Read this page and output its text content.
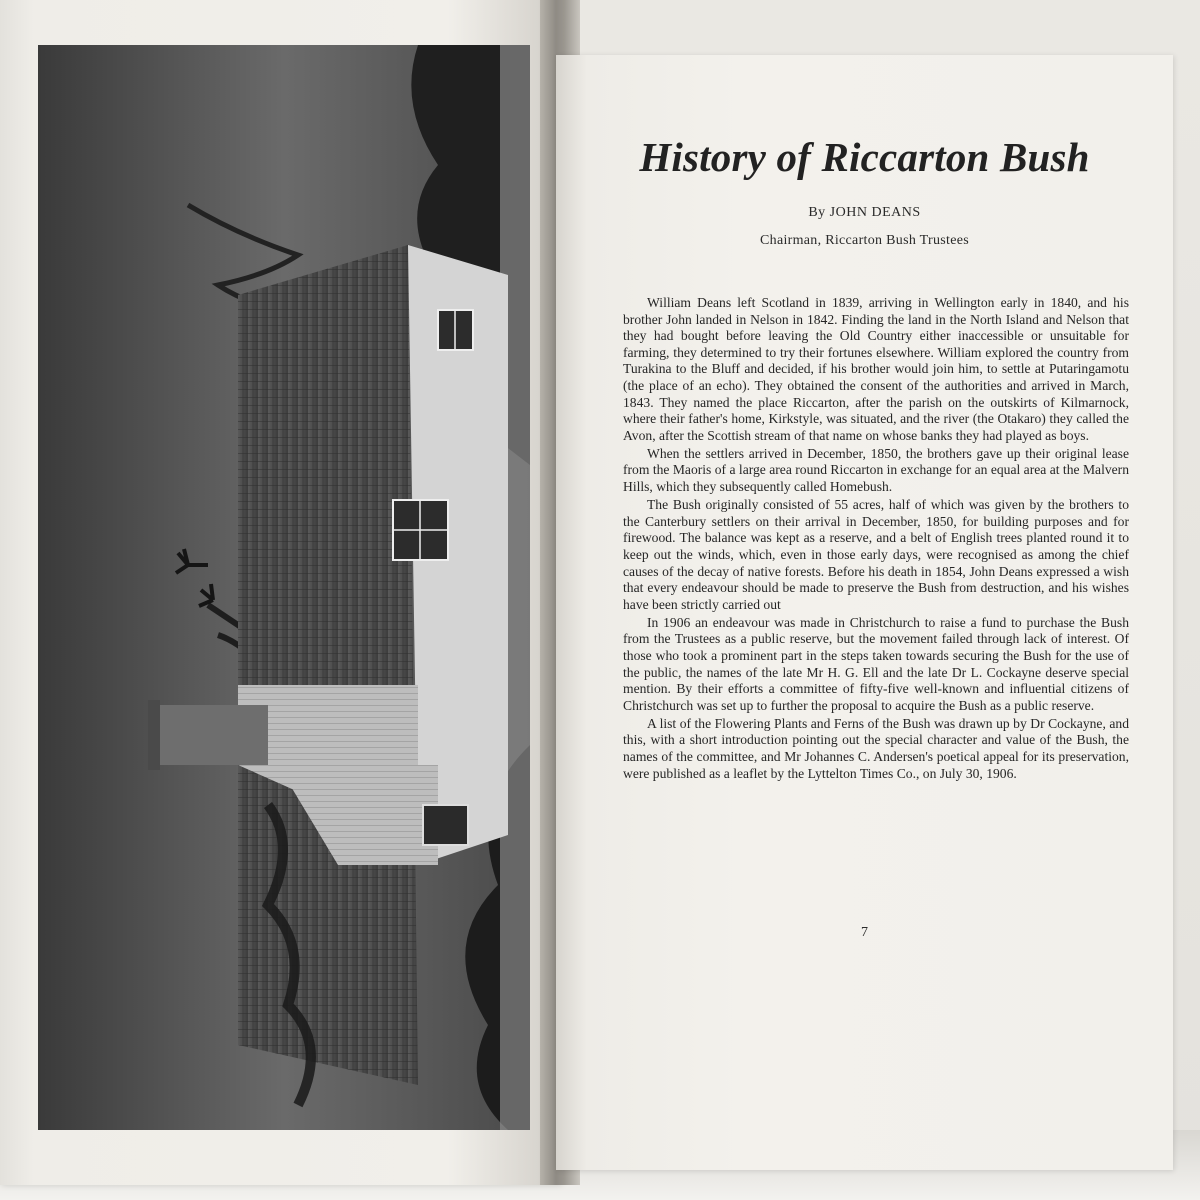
History of Riccarton Bush
By JOHN DEANS
Chairman, Riccarton Bush Trustees

William Deans left Scotland in 1839, arriving in Wellington early in 1840, and his brother John landed in Nelson in 1842. Finding the land in the North Island and Nelson that they had bought before leaving the Old Country either inaccessible or unsuitable for farming, they determined to try their fortunes elsewhere. William explored the country from Turakina to the Bluff and decided, if his brother would join him, to settle at Putaringamotu (the place of an echo). They obtained the consent of the authorities and arrived in March, 1843. They named the place Riccarton, after the parish on the outskirts of Kilmarnock, where their father's home, Kirkstyle, was situated, and the river (the Otakaro) they called the Avon, after the Scottish stream of that name on whose banks they had played as boys.

When the settlers arrived in December, 1850, the brothers gave up their original lease from the Maoris of a large area round Riccarton in exchange for an equal area at the Malvern Hills, which they subsequently called Homebush.

The Bush originally consisted of 55 acres, half of which was given by the brothers to the Canterbury settlers on their arrival in December, 1850, for building purposes and for firewood. The balance was kept as a reserve, and a belt of English trees planted round it to keep out the winds, which, even in those early days, were recognised as among the chief causes of the decay of native forests. Before his death in 1854, John Deans expressed a wish that every endeavour should be made to preserve the Bush from destruction, and his wishes have been strictly carried out

In 1906 an endeavour was made in Christchurch to raise a fund to purchase the Bush from the Trustees as a public reserve, but the movement failed through lack of interest. Of those who took a prominent part in the steps taken towards securing the Bush for the use of the public, the names of the late Mr H. G. Ell and the late Dr L. Cockayne deserve special mention. By their efforts a committee of fifty-five well-known and influential citizens of Christchurch was set up to further the proposal to acquire the Bush as a public reserve.

A list of the Flowering Plants and Ferns of the Bush was drawn up by Dr Cockayne, and this, with a short introduction pointing out the special character and value of the Bush, the names of the committee, and Mr Johannes C. Andersen's poetical appeal for its preservation, were published as a leaflet by the Lyttelton Times Co., on July 30, 1906.

7
